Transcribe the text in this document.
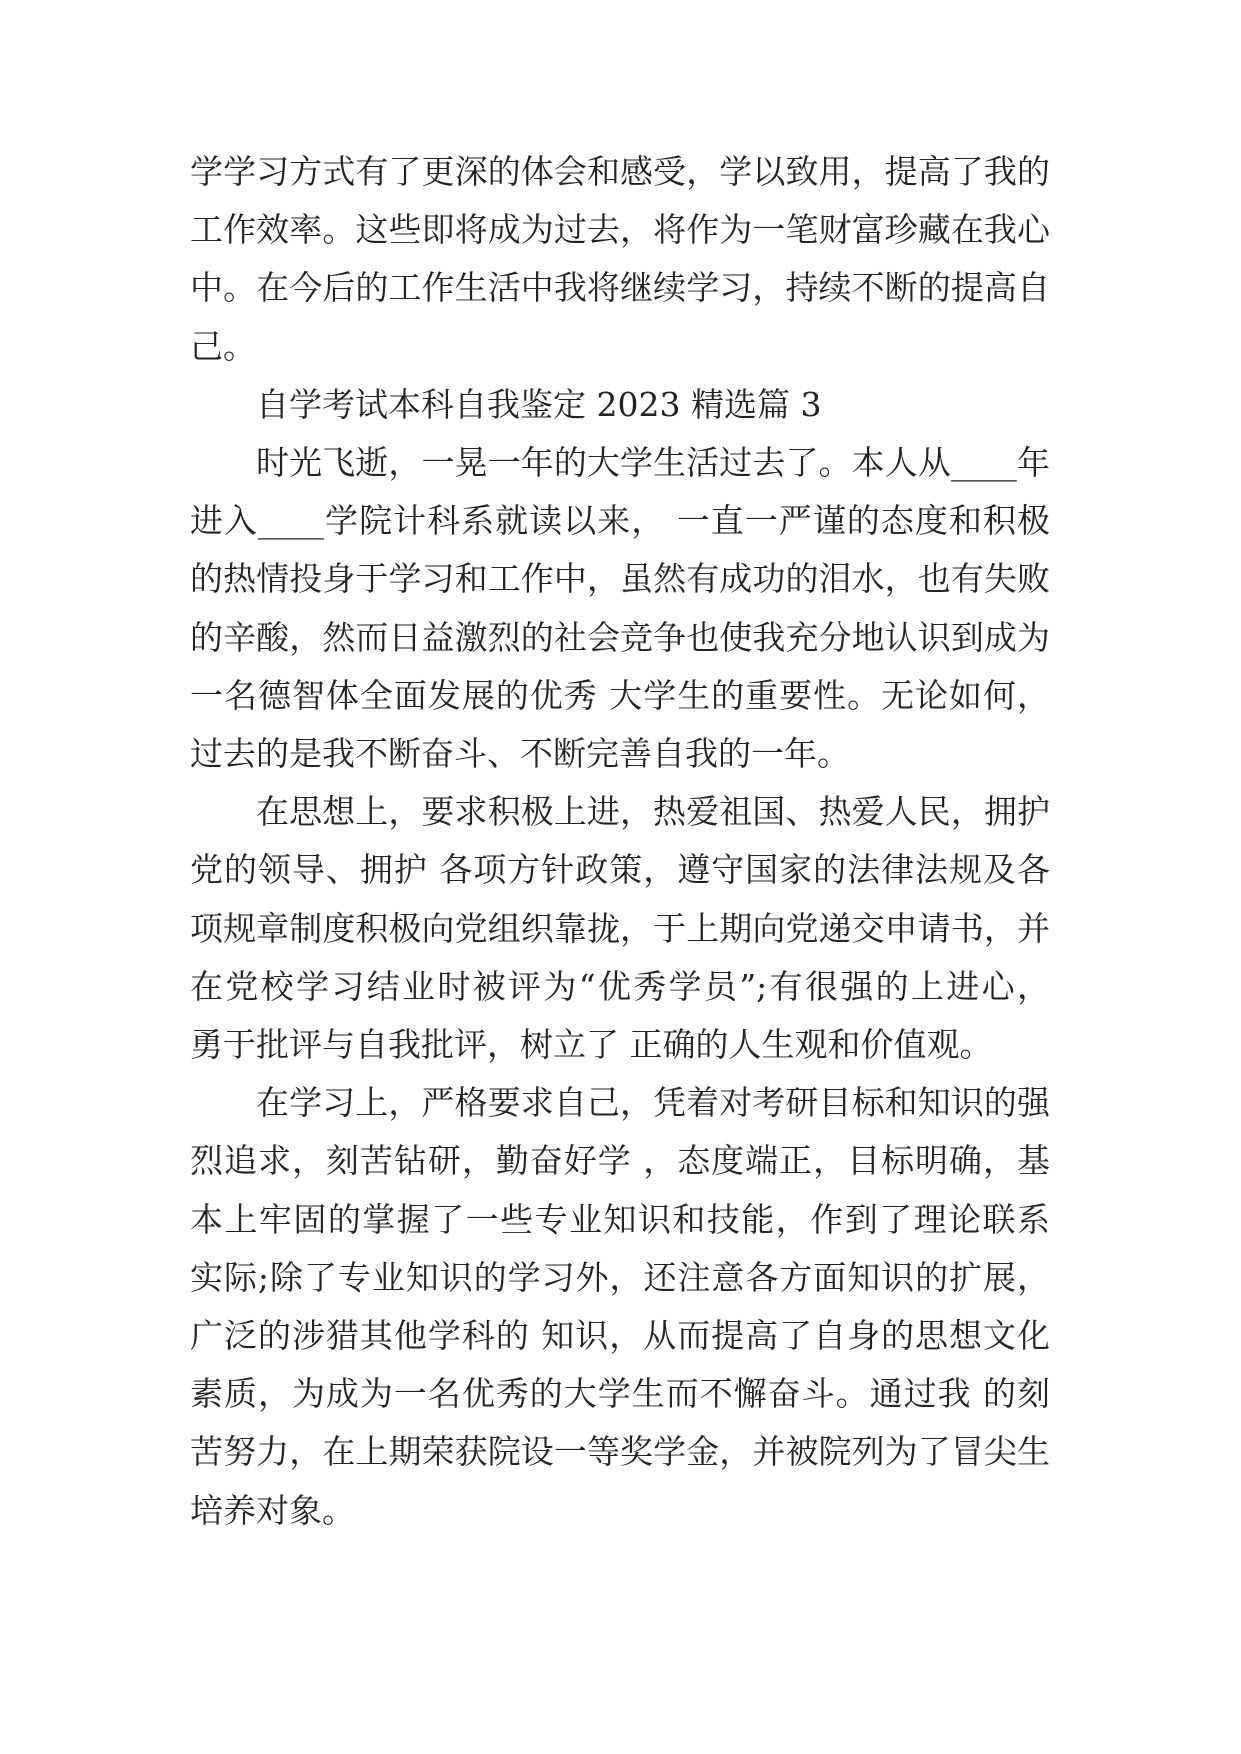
学学习方式有了更深的体会和感受，学以致用，提高了我的
工作效率。这些即将成为过去，将作为一笔财富珍藏在我心
中。在今后的工作生活中我将继续学习，持续不断的提高自
己。
自学考试本科自我鉴定 2023 精选篇 3
时光飞逝，一晃一年的大学生活过去了。本人从____年
进入____学院计科系就读以来， 一直一严谨的态度和积极
的热情投身于学习和工作中，虽然有成功的泪水，也有失败
的辛酸，然而日益激烈的社会竞争也使我充分地认识到成为
一名德智体全面发展的优秀 大学生的重要性。无论如何，
过去的是我不断奋斗、不断完善自我的一年。
在思想上，要求积极上进，热爱祖国、热爱人民，拥护
党的领导、拥护 各项方针政策，遵守国家的法律法规及各
项规章制度积极向党组织靠拢，于上期向党递交申请书，并
在党校学习结业时被评为“优秀学员”;有很强的上进心，
勇于批评与自我批评，树立了 正确的人生观和价值观。
在学习上，严格要求自己，凭着对考研目标和知识的强
烈追求，刻苦钻研，勤奋好学 ，态度端正，目标明确，基
本上牢固的掌握了一些专业知识和技能，作到了理论联系
实际;除了专业知识的学习外，还注意各方面知识的扩展，
广泛的涉猎其他学科的 知识，从而提高了自身的思想文化
素质，为成为一名优秀的大学生而不懈奋斗。通过我 的刻
苦努力，在上期荣获院设一等奖学金，并被院列为了冒尖生
培养对象。
